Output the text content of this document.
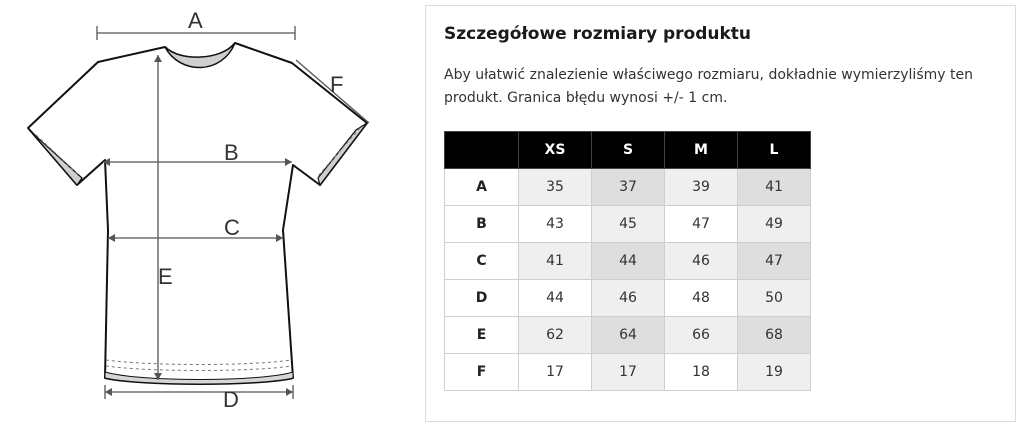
A
B
C
E
D
F
Szczegółowe rozmiary produktu

Aby ułatwić znalezienie właściwego rozmiaru, dokładnie wymierzyliśmy ten produkt. Granica błędu wynosi +/- 1 cm.

	XS	S	M	L
A	35	37	39	41
B	43	45	47	49
C	41	44	46	47
D	44	46	48	50
E	62	64	66	68
F	17	17	18	19
